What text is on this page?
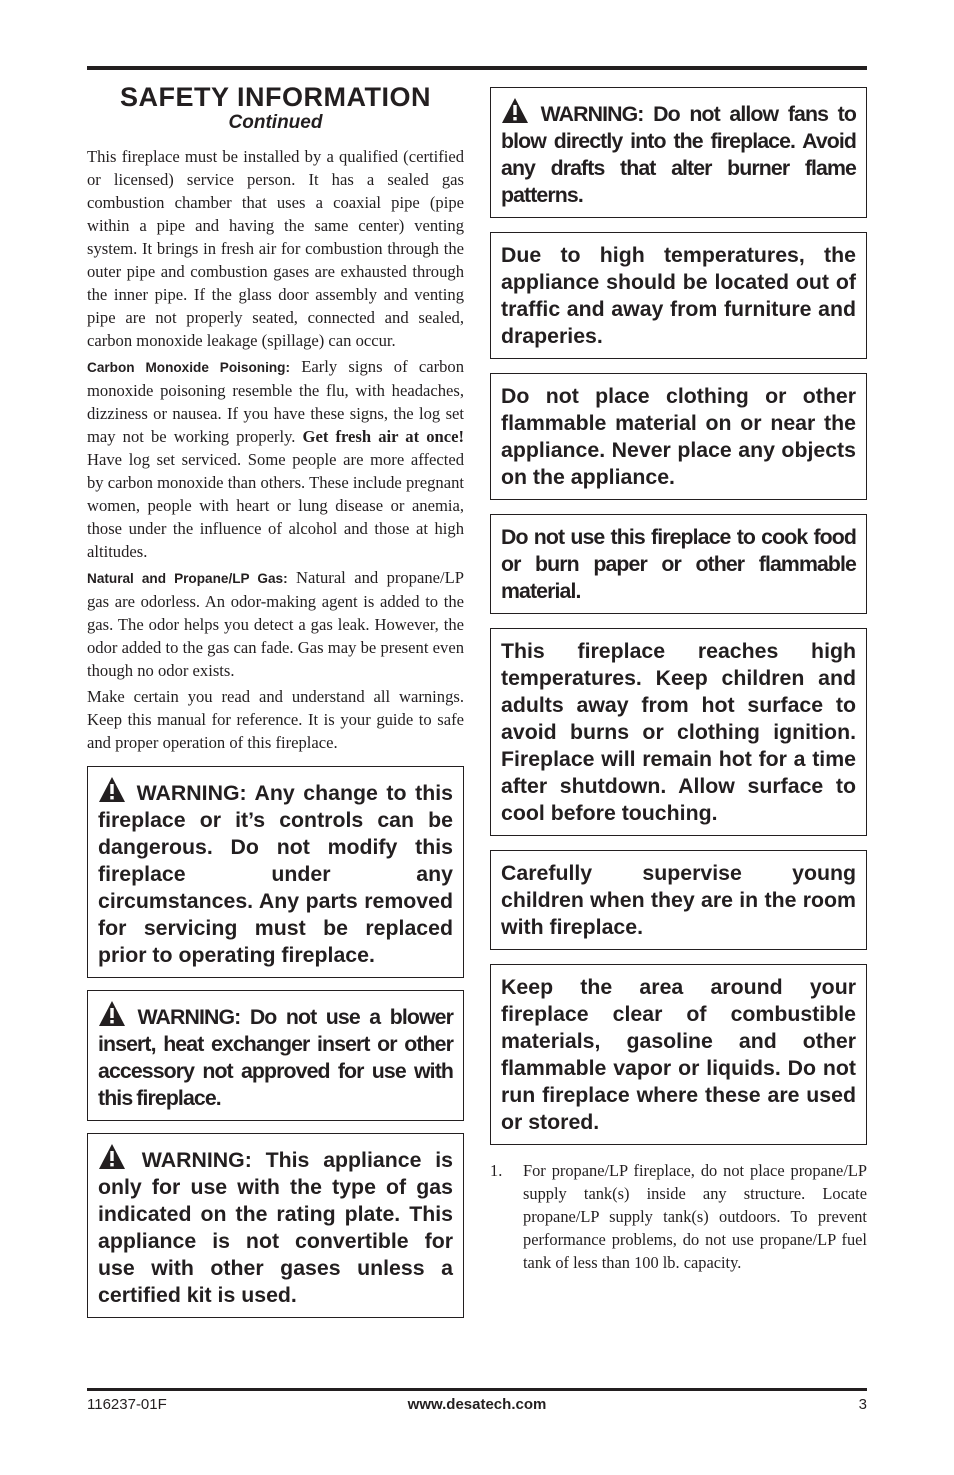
SAFETY INFORMATION
Continued

This fireplace must be installed by a qualified (certified or licensed) service person. It has a sealed gas combustion chamber that uses a coaxial pipe (pipe within a pipe and having the same center) venting system. It brings in fresh air for combustion through the outer pipe and combustion gases are exhausted through the inner pipe. If the glass door assembly and venting pipe are not properly seated, connected and sealed, carbon monoxide leakage (spillage) can occur.

Carbon Monoxide Poisoning: Early signs of carbon monoxide poisoning resemble the flu, with headaches, dizziness or nausea. If you have these signs, the log set may not be working properly. Get fresh air at once! Have log set serviced. Some people are more affected by carbon monoxide than others. These include pregnant women, people with heart or lung disease or anemia, those under the influence of alcohol and those at high altitudes.

Natural and Propane/LP Gas: Natural and propane/LP gas are odorless. An odor-making agent is added to the gas. The odor helps you detect a gas leak. However, the odor added to the gas can fade. Gas may be present even though no odor exists.

Make certain you read and understand all warnings. Keep this manual for reference. It is your guide to safe and proper operation of this fireplace.

WARNING: Any change to this fireplace or it’s controls can be dangerous. Do not modify this fireplace under any circumstances. Any parts removed for servicing must be replaced prior to operating fireplace.
WARNING: Do not use a blower insert, heat exchanger insert or other accessory not approved for use with this fireplace.
WARNING: This appliance is only for use with the type of gas indicated on the rating plate. This appliance is not convertible for use with other gases unless a certified kit is used.
WARNING: Do not allow fans to blow directly into the fireplace. Avoid any drafts that alter burner flame patterns.
Due to high temperatures, the appliance should be located out of traffic and away from furniture and draperies.
Do not place clothing or other flammable material on or near the appliance. Never place any objects on the appliance.
Do not use this fireplace to cook food or burn paper or other flammable material.
This fireplace reaches high temperatures. Keep children and adults away from hot surface to avoid burns or clothing ignition. Fireplace will remain hot for a time after shutdown. Allow surface to cool before touching.
Carefully supervise young children when they are in the room with fireplace.
Keep the area around your fireplace clear of combustible materials, gasoline and other flammable vapor or liquids. Do not run fireplace where these are used or stored.
1.	For propane/LP fireplace, do not place propane/LP supply tank(s) inside any structure. Locate propane/LP supply tank(s) outdoors. To prevent performance problems, do not use propane/LP fuel tank of less than 100 lb. capacity.
116237-01F	www.desatech.com	3
